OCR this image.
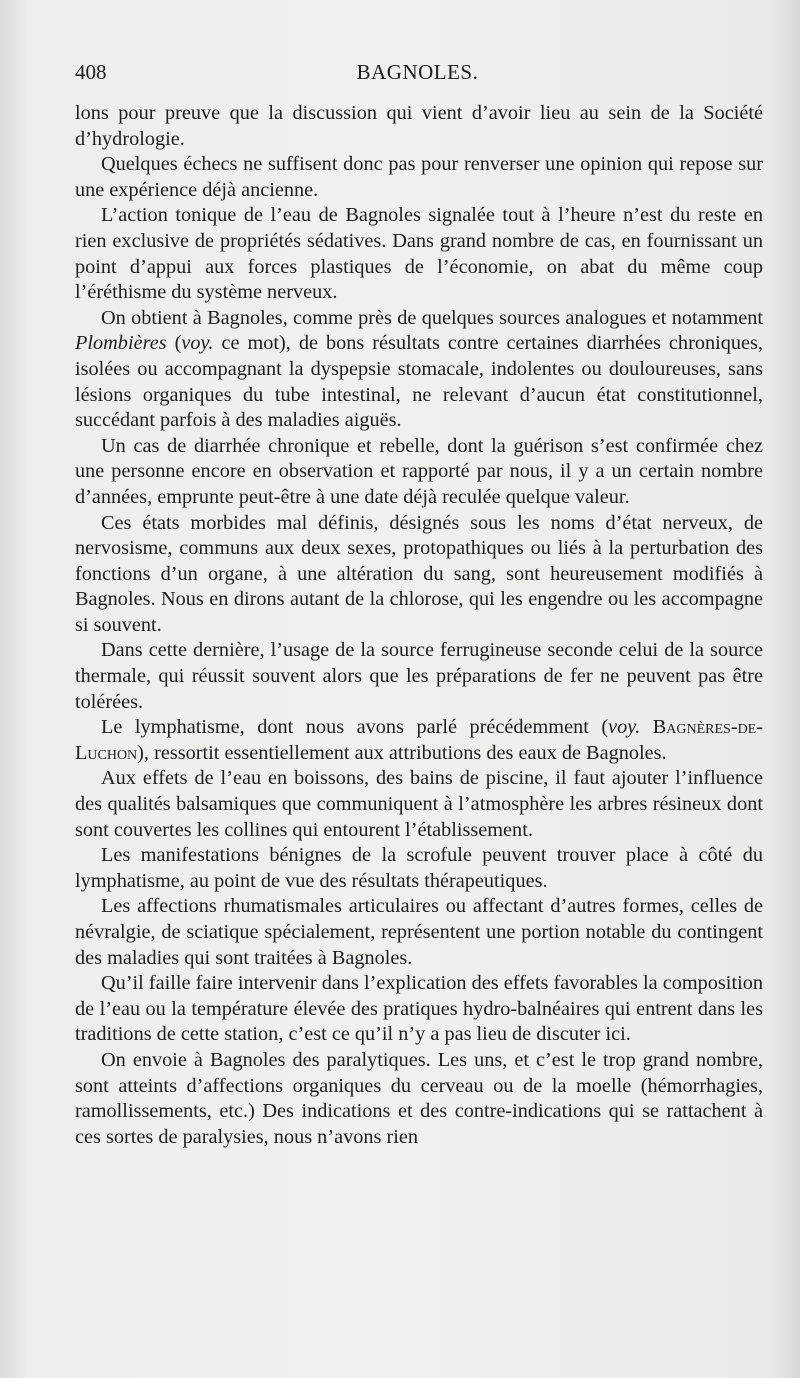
408	BAGNOLES.

lons pour preuve que la discussion qui vient d’avoir lieu au sein de la Société d’hydrologie.

Quelques échecs ne suffisent donc pas pour renverser une opinion qui repose sur une expérience déjà ancienne.

L’action tonique de l’eau de Bagnoles signalée tout à l’heure n’est du reste en rien exclusive de propriétés sédatives. Dans grand nombre de cas, en fournissant un point d’appui aux forces plastiques de l’économie, on abat du même coup l’éréthisme du système nerveux.

On obtient à Bagnoles, comme près de quelques sources analogues et notamment Plombières (voy. ce mot), de bons résultats contre certaines diarrhées chroniques, isolées ou accompagnant la dyspepsie stomacale, indolentes ou douloureuses, sans lésions organiques du tube intestinal, ne relevant d’aucun état constitutionnel, succédant parfois à des maladies aiguës.

Un cas de diarrhée chronique et rebelle, dont la guérison s’est confirmée chez une personne encore en observation et rapporté par nous, il y a un certain nombre d’années, emprunte peut-être à une date déjà reculée quelque valeur.

Ces états morbides mal définis, désignés sous les noms d’état nerveux, de nervosisme, communs aux deux sexes, protopathiques ou liés à la perturbation des fonctions d’un organe, à une altération du sang, sont heureusement modifiés à Bagnoles. Nous en dirons autant de la chlorose, qui les engendre ou les accompagne si souvent.

Dans cette dernière, l’usage de la source ferrugineuse seconde celui de la source thermale, qui réussit souvent alors que les préparations de fer ne peuvent pas être tolérées.

Le lymphatisme, dont nous avons parlé précédemment (voy. Bagnères-de-Luchon), ressortit essentiellement aux attributions des eaux de Bagnoles.

Aux effets de l’eau en boissons, des bains de piscine, il faut ajouter l’influence des qualités balsamiques que communiquent à l’atmosphère les arbres résineux dont sont couvertes les collines qui entourent l’établissement.

Les manifestations bénignes de la scrofule peuvent trouver place à côté du lymphatisme, au point de vue des résultats thérapeutiques.

Les affections rhumatismales articulaires ou affectant d’autres formes, celles de névralgie, de sciatique spécialement, représentent une portion notable du contingent des maladies qui sont traitées à Bagnoles.

Qu’il faille faire intervenir dans l’explication des effets favorables la composition de l’eau ou la température élevée des pratiques hydro-balnéaires qui entrent dans les traditions de cette station, c’est ce qu’il n’y a pas lieu de discuter ici.

On envoie à Bagnoles des paralytiques. Les uns, et c’est le trop grand nombre, sont atteints d’affections organiques du cerveau ou de la moelle (hémorrhagies, ramollissements, etc.) Des indications et des contre-indications qui se rattachent à ces sortes de paralysies, nous n’avons rien
